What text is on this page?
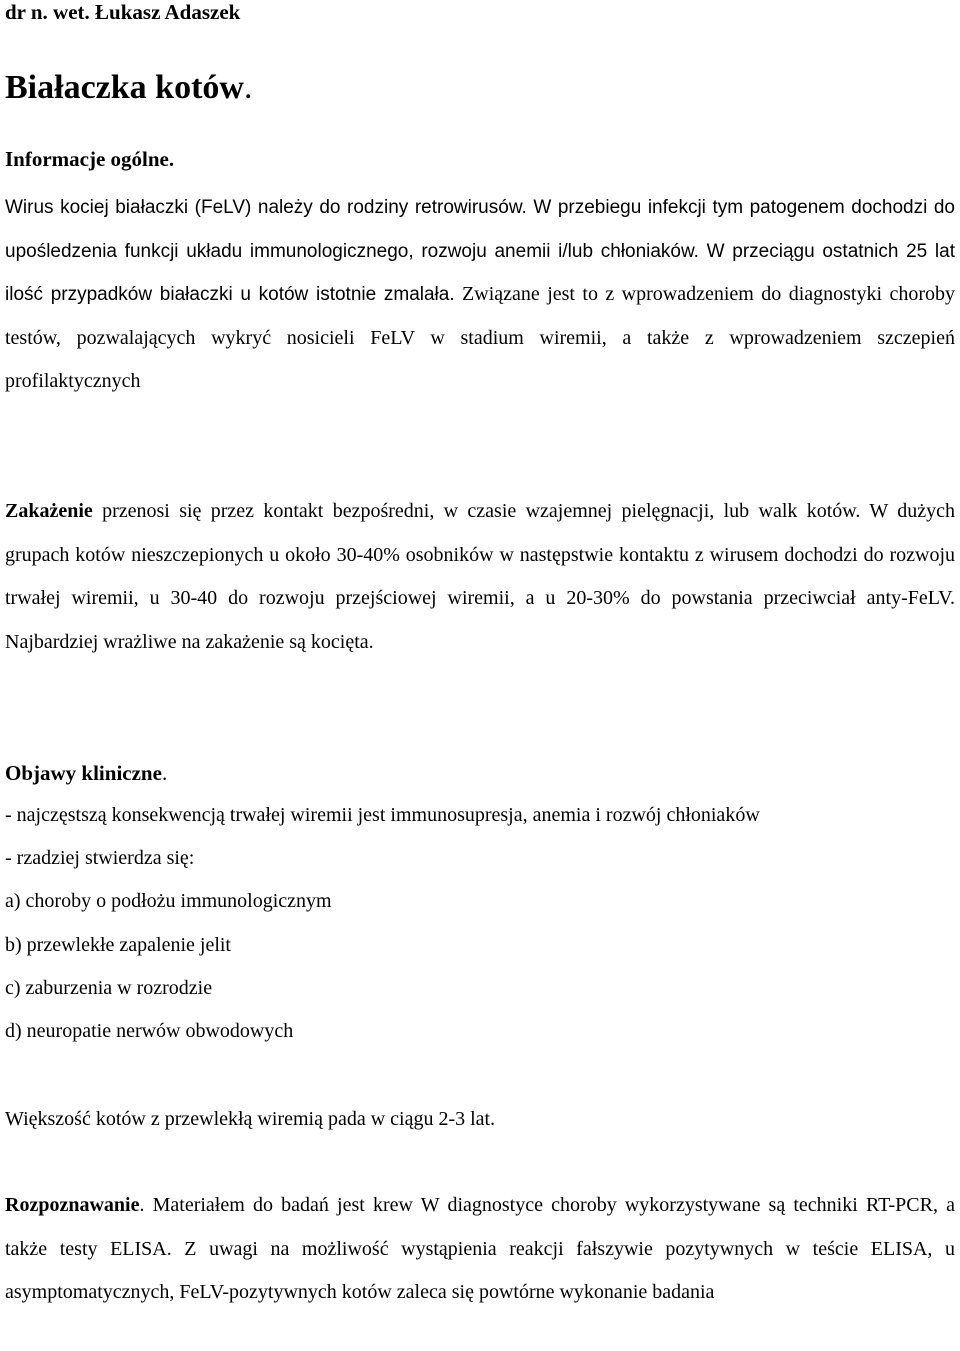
dr n. wet. Łukasz Adaszek
Białaczka kotów.
Informacje ogólne.

Wirus kociej białaczki (FeLV) należy do rodziny retrowirusów. W przebiegu infekcji tym patogenem dochodzi do upośledzenia funkcji układu immunologicznego, rozwoju anemii i/lub chłoniaków. W przeciągu ostatnich 25 lat ilość przypadków białaczki u kotów istotnie zmalała. Związane jest to z wprowadzeniem do diagnostyki choroby testów, pozwalających wykryć nosicieli FeLV w stadium wiremii, a także z wprowadzeniem szczepień profilaktycznych

Zakażenie przenosi się przez kontakt bezpośredni, w czasie wzajemnej pielęgnacji, lub walk kotów. W dużych grupach kotów nieszczepionych u około 30-40% osobników w następstwie kontaktu z wirusem dochodzi do rozwoju trwałej wiremii, u 30-40 do rozwoju przejściowej wiremii, a u 20-30% do powstania przeciwciał anty-FeLV. Najbardziej wrażliwe na zakażenie są kocięta.

Objawy kliniczne.
- najczęstszą konsekwencją trwałej wiremii jest immunosupresja, anemia i rozwój chłoniaków
- rzadziej stwierdza się:
a) choroby o podłożu immunologicznym
b) przewlekłe zapalenie jelit
c) zaburzenia w rozrodzie
d) neuropatie nerwów obwodowych
Większość kotów z przewlekłą wiremią pada w ciągu 2-3 lat.

Rozpoznawanie. Materiałem do badań jest krew W diagnostyce choroby wykorzystywane są techniki RT-PCR, a także testy ELISA. Z uwagi na możliwość wystąpienia reakcji fałszywie pozytywnych w teście ELISA, u asymptomatycznych, FeLV-pozytywnych kotów zaleca się powtórne wykonanie badania
